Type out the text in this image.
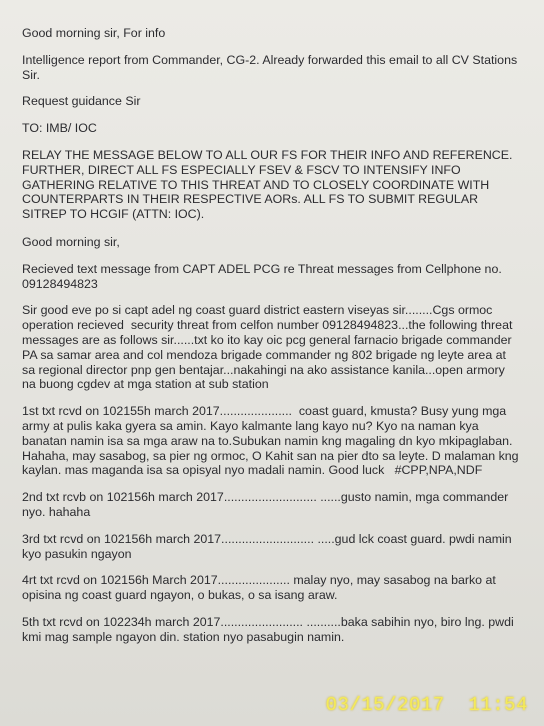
Good morning sir, For info

Intelligence report from Commander, CG-2. Already forwarded this email to all CV Stations Sir.

Request guidance Sir

TO: IMB/ IOC

RELAY THE MESSAGE BELOW TO ALL OUR FS FOR THEIR INFO AND REFERENCE. FURTHER, DIRECT ALL FS ESPECIALLY FSEV & FSCV TO INTENSIFY INFO GATHERING RELATIVE TO THIS THREAT AND TO CLOSELY COORDINATE WITH COUNTERPARTS IN THEIR RESPECTIVE AORs. ALL FS TO SUBMIT REGULAR SITREP TO HCGIF (ATTN: IOC).

Good morning sir,

Recieved text message from CAPT ADEL PCG re Threat messages from Cellphone no. 09128494823

Sir good eve po si capt adel ng coast guard district eastern viseyas sir........Cgs ormoc operation recieved  security threat from celfon number 09128494823...the following threat messages are as follows sir......txt ko ito kay oic pcg general farnacio brigade commander PA sa samar area and col mendoza brigade commander ng 802 brigade ng leyte area at sa regional director pnp gen bentajar...nakahingi na ako assistance kanila...open armory na buong cgdev at mga station at sub station

1st txt rcvd on 102155h march 2017.....................  coast guard, kmusta? Busy yung mga army at pulis kaka gyera sa amin. Kayo kalmante lang kayo nu? Kyo na naman kya banatan namin isa sa mga araw na to.Subukan namin kng magaling dn kyo mkipaglaban. Hahaha, may sasabog, sa pier ng ormoc, O Kahit san na pier dto sa leyte. D malaman kng kaylan. mas maganda isa sa opisyal nyo madali namin. Good luck   #CPP,NPA,NDF

2nd txt rcvb on 102156h march 2017........................... ......gusto namin, mga commander nyo. hahaha

3rd txt rcvd on 102156h march 2017........................... .....gud lck coast guard. pwdi namin kyo pasukin ngayon

4rt txt rcvd on 102156h March 2017..................... malay nyo, may sasabog na barko at opisina ng coast guard ngayon, o bukas, o sa isang araw.

5th txt rcvd on 102234h march 2017........................ ..........baka sabihin nyo, biro lng. pwdi kmi mag sample ngayon din. station nyo pasabugin namin.

03/15/2017  11:54
